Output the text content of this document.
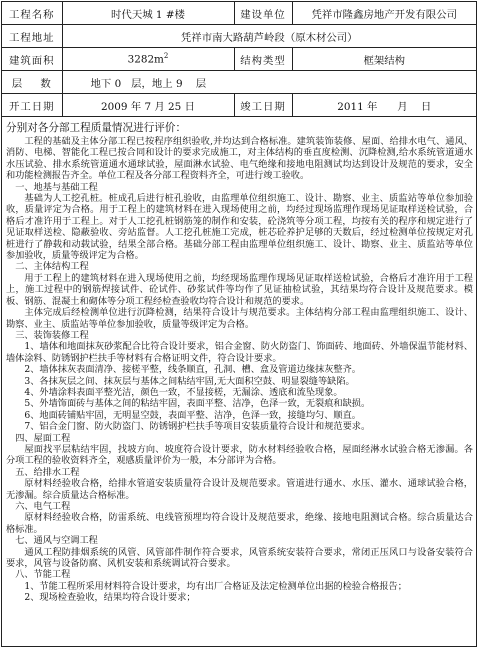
工程名称	时代天城 1 #楼	建设单位	凭祥市隆鑫房地产开发有限公司
工程地址	凭祥市南大路葫芦岭段（原木材公司）		
建筑面积	$3282m^2$	结构类型	框架结构
层    数	地下 0   层，地上 9    层		
开工日期	2009 年 7 月 25 日	竣工日期	2011 年      月    日

分别对各分部工程质量情况进行评价：

工程的基础及主体分部工程已按程序组织验收,并均达到合格标准。建筑装饰装修、屋面、给排水电气、通风、消防、电梯、智能化工程已按合同和设计的要求完成施工，对主体结构的垂直度检测、沉降检测,给水系统管道通水水压试验、排水系统管道通水通球试验，屋面淋水试验、电气绝缘和接地电阻测试均达到设计及规范的要求，安全和功能检测报告齐全。单位工程及各分部工程资料齐全，可进行竣工验收。

一、地基与基础工程

基础为人工挖孔桩。桩成孔后进行桩孔验收，由监理单位组织施工、设计、勘察、业主、质监站等单位参加验收，质量评定为合格。用于工程上的建筑材料在进入现场使用之前，均经过现场监理作现场见证取样送检试验，合格后才准许用于工程上。对于人工挖孔桩钢筋笼的制作和安装，砼浇筑等分项工程，均按有关的程序和规定进行了见证取样送检、隐蔽验收、旁站监督。人工挖孔桩施工完成，桩芯砼养护足够的天数后，经过检测单位按规定对孔桩进行了静载和动载试验，结果全部合格。基础分部工程由监理单位组织施工、设计、勘察、业主、质监站等单位参加验收，质量等级评定为合格。

二、主体结构工程

用于工程上的建筑材料在进入现场使用之前，均经现场监理作现场见证取样送检试验，合格后才准许用于工程上，施工过程中的钢筋焊接试件、砼试件、砂浆试件等均作了见证抽检试验，其结果均符合设计及规范要求。模板、钢筋、混凝土和砌体等分项工程经检查验收均符合设计和规范的要求。

主体完成后经检测单位进行沉降检测，结果符合设计与规范要求。主体结构分部工程由监理组织施工、设计、勘察、业主、质监站等单位参加验收，质量等级评定为合格。

三、装饰装修工程

1、墙体和地面抹灰砂浆配合比符合设计要求，铝合金窗、防火防盗门、饰面砖、地面砖、外墙保温节能材料、墙体涂料、防锈钢护栏扶手等材料有合格证明文件，符合设计要求。

2、墙体抹灰表面清净、接槎平整，线条顺直，孔洞、槽、盒及管道边缘抹灰整齐。

3、各抹灰层之间、抹灰层与基体之间粘结牢固,无大面积空鼓、明显裂缝等缺陷。

4、外墙涂料表面平整光洁，颜色一致，不显接槎，无漏涂、透底和流坠现象。

5、外墙饰面砖与基体之间的粘结牢固，表面平整、洁净，色泽一致，无裂痕和缺损。

6、地面砖铺贴牢固，无明显空鼓，表面平整、洁净，色泽一致，接缝均匀、顺直。

7、铝合金门窗、防火防盗门、防锈钢护栏扶手等项目安装质量符合设计和规范要求。

四、屋面工程

屋面找平层粘结牢固，找坡方向、坡度符合设计要求，防水材料经验收合格，屋面经淋水试验合格无渗漏。各分项工程的验收资料齐全，观感质量评价为一般，本分部评为合格。

五、给排水工程

原材料经验收合格，给排水管道安装质量符合设计及规范要求。管道进行通水、水压、灌水、通球试验合格，无渗漏。综合质量达合格标准。

六、电气工程

原材料经验收合格，防雷系统、电线管预埋均符合设计及规范要求，绝缘、接地电阻测试合格。综合质量达合格标准。

七、通风与空调工程

通风工程防排烟系统的风管、风管部件制作符合要求，风管系统安装符合要求，常闭正压风口与设备安装符合要求，风管与设备防腐、风机安装和系统调试符合要求。

八、节能工程

1、节能工程所采用材料符合设计要求，均有出厂合格证及法定检测单位出据的检验合格报告；

2、现场检查验收，结果均符合设计要求；
